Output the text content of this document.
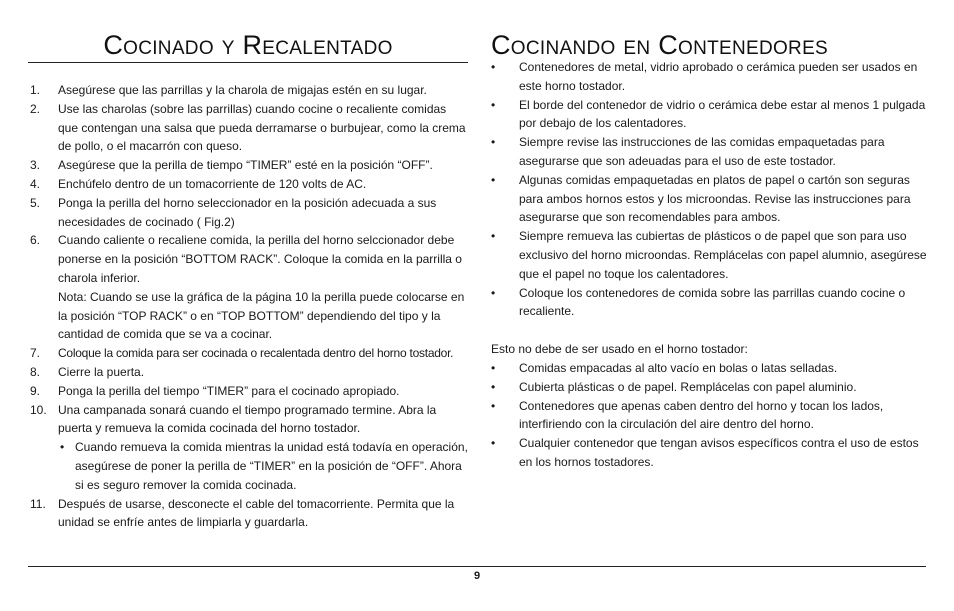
Cocinado y Recalentado
1. Asegúrese que las parrillas y la charola de migajas estén en su lugar.
2. Use las charolas (sobre las parrillas) cuando cocine o recaliente comidas que contengan una salsa que pueda derramarse o burbujear, como la crema de pollo, o el macarrón con queso.
3. Asegúrese que la perilla de tiempo “TIMER” esté en la posición “OFF”.
4. Enchúfelo dentro de un tomacorriente de 120 volts de AC.
5. Ponga la perilla del horno seleccionador en la posición adecuada a sus necesidades de cocinado ( Fig.2)
6. Cuando caliente o recaliene comida, la perilla del horno selccionador debe ponerse en la posición “BOTTOM RACK”. Coloque la comida en la parrilla o charola inferior.
Nota: Cuando se use la gráfica de la página 10 la perilla puede colocarse en la posición “TOP RACK” o en “TOP BOTTOM” dependiendo del tipo y la cantidad de comida que se va a cocinar.
7. Coloque la comida para ser cocinada o recalentada dentro del horno tostador.
8. Cierre la puerta.
9. Ponga la perilla del tiempo “TIMER” para el cocinado apropiado.
10. Una campanada sonará cuando el tiempo programado termine. Abra la puerta y remueva la comida cocinada del horno tostador.
• Cuando remueva la comida mientras la unidad está todavía en operación, asegúrese de poner la perilla de “TIMER” en la posición de “OFF”. Ahora si es seguro remover la comida cocinada.
11. Después de usarse, desconecte el cable del tomacorriente. Permita que la unidad se enfríe antes de limpiarla y guardarla.
Cocinando en Contenedores
• Contenedores de metal, vidrio aprobado o cerámica pueden ser usados en este horno tostador.
• El borde del contenedor de vidrio o cerámica debe estar al menos 1 pulgada por debajo de los calentadores.
• Siempre revise las instrucciones de las comidas empaquetadas para asegurarse que son adeuadas para el uso de este tostador.
• Algunas comidas empaquetadas en platos de papel o cartón son seguras para ambos hornos estos y los microondas. Revise las instrucciones para asegurarse que son recomendables para ambos.
• Siempre remueva las cubiertas de plásticos o de papel que son para uso exclusivo del horno microondas. Remplácelas con papel alumnio, asegúrese que el papel no toque los calentadores.
• Coloque los contenedores de comida sobre las parrillas cuando cocine o recaliente.
Esto no debe de ser usado en el horno tostador:
• Comidas empacadas al alto vacío en bolas o latas selladas.
• Cubierta plásticas o de papel. Remplácelas con papel aluminio.
• Contenedores que apenas caben dentro del horno y tocan los lados, interfiriendo con la circulación del aire dentro del horno.
• Cualquier contenedor que tengan avisos específicos contra el uso de estos en los hornos tostadores.
9
